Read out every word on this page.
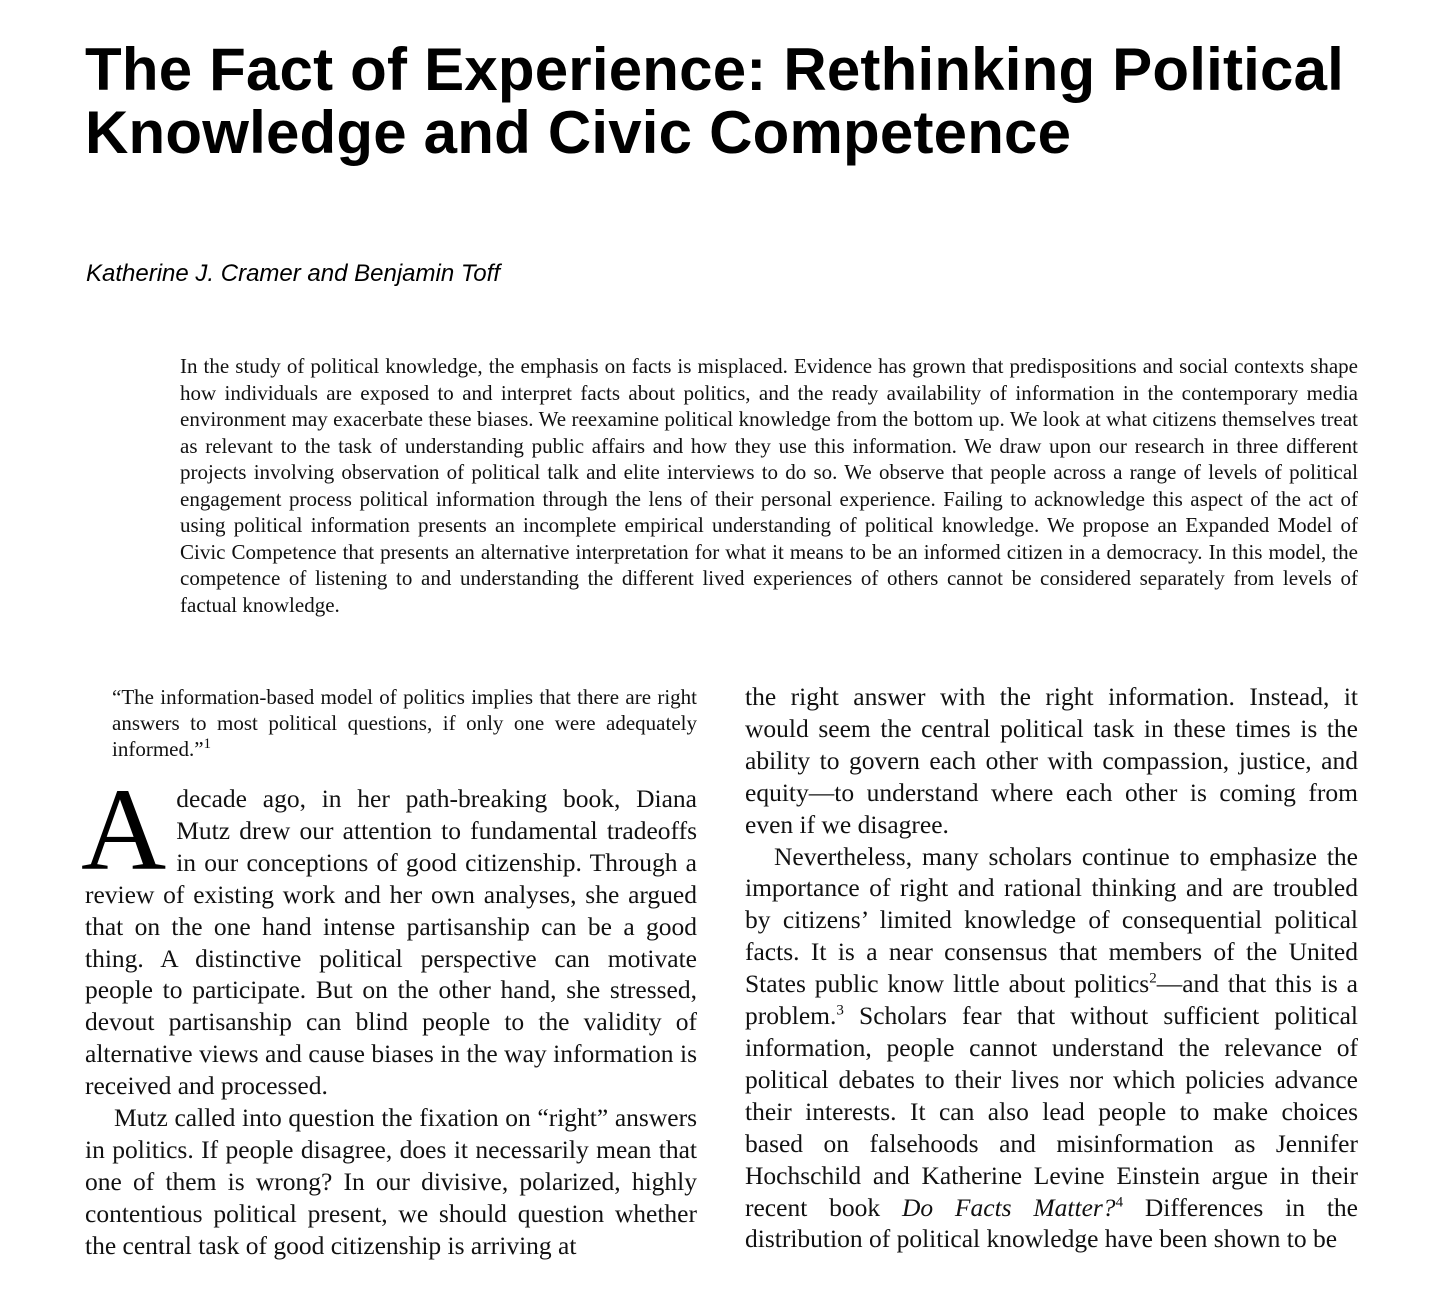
The Fact of Experience: Rethinking Political Knowledge and Civic Competence

Katherine J. Cramer and Benjamin Toff

In the study of political knowledge, the emphasis on facts is misplaced. Evidence has grown that predispositions and social contexts shape how individuals are exposed to and interpret facts about politics, and the ready availability of information in the contemporary media environment may exacerbate these biases. We reexamine political knowledge from the bottom up. We look at what citizens themselves treat as relevant to the task of understanding public affairs and how they use this information. We draw upon our research in three different projects involving observation of political talk and elite interviews to do so. We observe that people across a range of levels of political engagement process political information through the lens of their personal experience. Failing to acknowledge this aspect of the act of using political information presents an incomplete empirical understanding of political knowledge. We propose an Expanded Model of Civic Competence that presents an alternative interpretation for what it means to be an informed citizen in a democracy. In this model, the competence of listening to and understanding the different lived experiences of others cannot be considered separately from levels of factual knowledge.

“The information-based model of politics implies that there are right answers to most political questions, if only one were adequately informed.”$^1$

Adecade ago, in her path-breaking book, Diana Mutz drew our attention to fundamental tradeoffs in our conceptions of good citizenship. Through a review of existing work and her own analyses, she argued that on the one hand intense partisanship can be a good thing. A distinctive political perspective can motivate people to participate. But on the other hand, she stressed, devout partisanship can blind people to the validity of alternative views and cause biases in the way information is received and processed.

Mutz called into question the fixation on “right” answers in politics. If people disagree, does it necessarily mean that one of them is wrong? In our divisive, polarized, highly contentious political present, we should question whether the central task of good citizenship is arriving at

the right answer with the right information. Instead, it would seem the central political task in these times is the ability to govern each other with compassion, justice, and equity—to understand where each other is coming from even if we disagree.

Nevertheless, many scholars continue to emphasize the importance of right and rational thinking and are troubled by citizens’ limited knowledge of consequential political facts. It is a near consensus that members of the United States public know little about politics$^2$—and that this is a problem.$^3$ Scholars fear that without sufficient political information, people cannot understand the relevance of political debates to their lives nor which policies advance their interests. It can also lead people to make choices based on falsehoods and misinformation as Jennifer Hochschild and Katherine Levine Einstein argue in their recent book Do Facts Matter?$^4$ Differences in the distribution of political knowledge have been shown to be
